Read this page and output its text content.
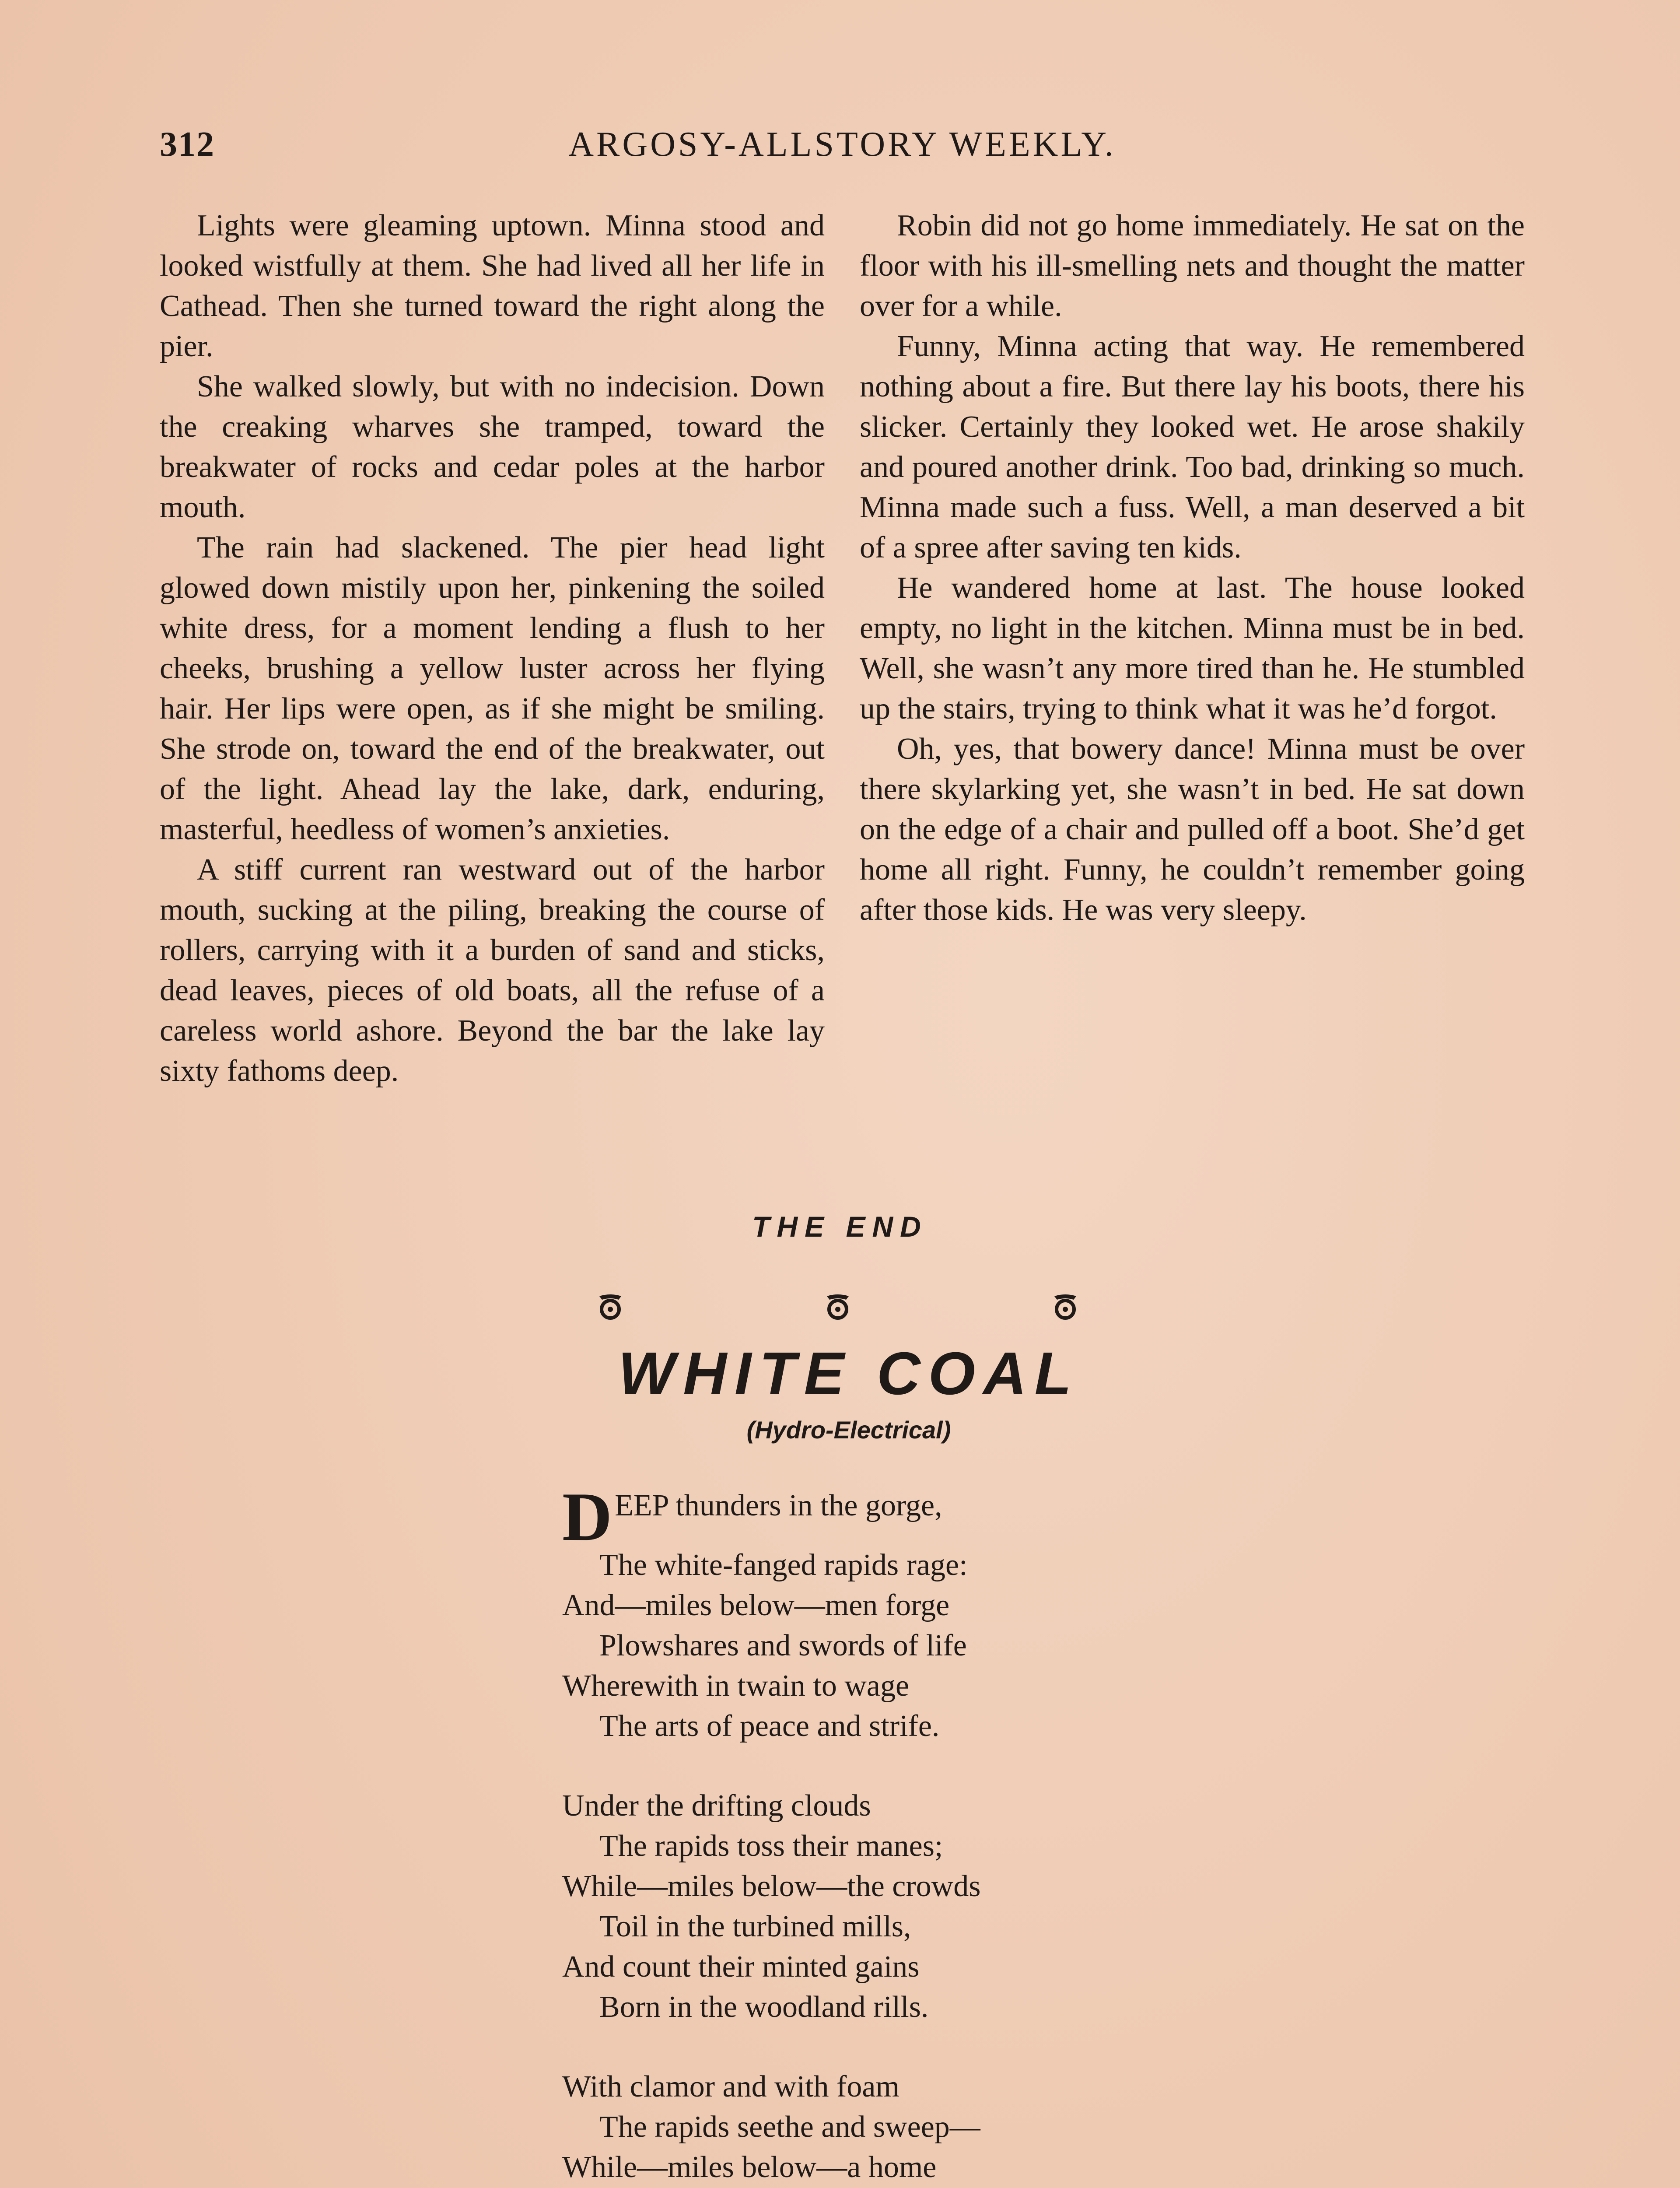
312	ARGOSY-ALLSTORY WEEKLY.

Lights were gleaming uptown. Minna stood and looked wistfully at them. She had lived all her life in Cathead. Then she turned toward the right along the pier.

She walked slowly, but with no indecision. Down the creaking wharves she tramped, toward the breakwater of rocks and cedar poles at the harbor mouth.

The rain had slackened. The pier head light glowed down mistily upon her, pinkening the soiled white dress, for a moment lending a flush to her cheeks, brushing a yellow luster across her flying hair. Her lips were open, as if she might be smiling. She strode on, toward the end of the breakwater, out of the light. Ahead lay the lake, dark, enduring, masterful, heedless of women’s anxieties.

A stiff current ran westward out of the harbor mouth, sucking at the piling, breaking the course of rollers, carrying with it a burden of sand and sticks, dead leaves, pieces of old boats, all the refuse of a careless world ashore. Beyond the bar the lake lay sixty fathoms deep.

Robin did not go home immediately. He sat on the floor with his ill-smelling nets and thought the matter over for a while.

Funny, Minna acting that way. He remembered nothing about a fire. But there lay his boots, there his slicker. Certainly they looked wet. He arose shakily and poured another drink. Too bad, drinking so much. Minna made such a fuss. Well, a man deserved a bit of a spree after saving ten kids.

He wandered home at last. The house looked empty, no light in the kitchen. Minna must be in bed. Well, she wasn’t any more tired than he. He stumbled up the stairs, trying to think what it was he’d forgot.

Oh, yes, that bowery dance! Minna must be over there skylarking yet, she wasn’t in bed. He sat down on the edge of a chair and pulled off a boot. She’d get home all right. Funny, he couldn’t remember going after those kids. He was very sleepy.

THE END
WHITE COAL
(Hydro-Electrical)
D EEP thunders in the gorge,
The white-fanged rapids rage:
And—miles below—men forge
Plowshares and swords of life
Wherewith in twain to wage
The arts of peace and strife.
Under the drifting clouds
The rapids toss their manes;
While—miles below—the crowds
Toil in the turbined mills,
And count their minted gains
Born in the woodland rills.
With clamor and with foam
The rapids seethe and sweep—
While—miles below—a home
